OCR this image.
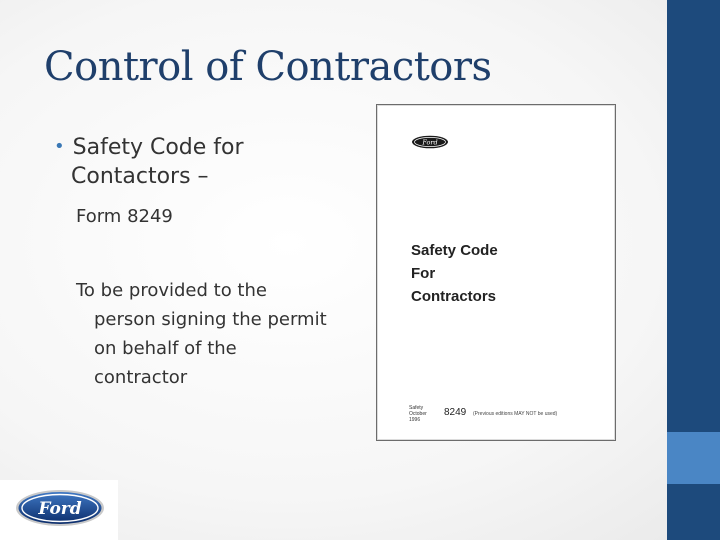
Control of Contractors
• Safety Code for
Contactors –
Form 8249
To be provided to the
person signing the permit
on behalf of the
contractor
Ford
Safety Code
For
Contractors
Safety October 1996
8249 (Previous editions MAY NOT be used)
Ford
